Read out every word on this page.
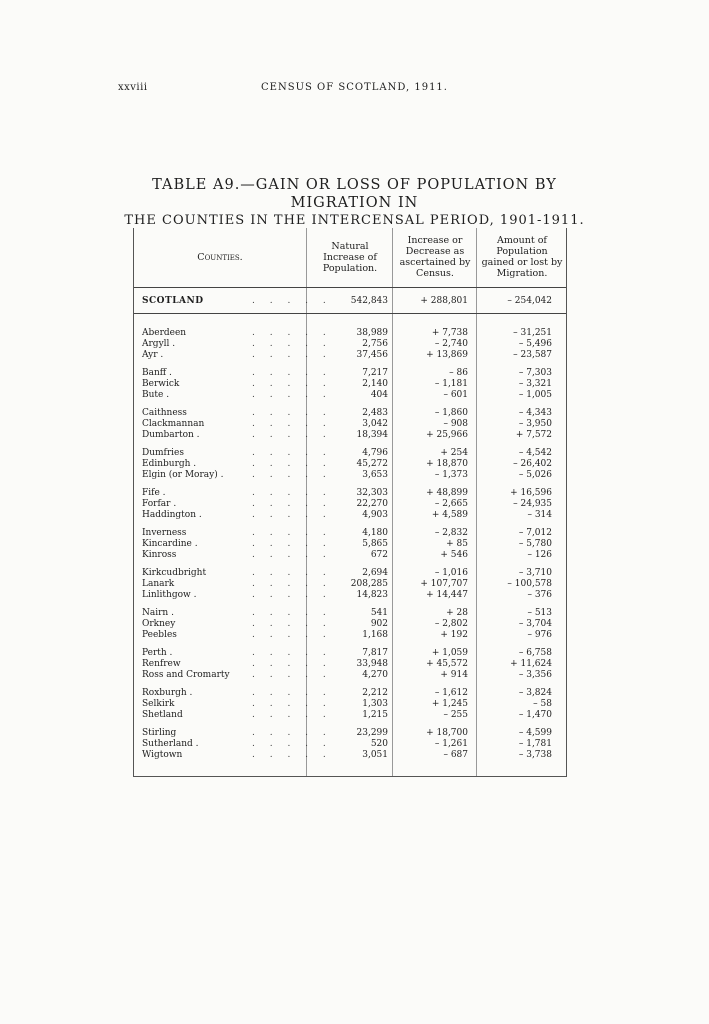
xxviii	CENSUS OF SCOTLAND, 1911.
TABLE A9.—GAIN OR LOSS OF POPULATION BY MIGRATION IN
THE COUNTIES IN THE INTERCENSAL PERIOD, 1901-1911.
Counties.
Natural Increase of Population.
Increase or Decrease as ascertained by Census.
Amount of Population gained or lost by Migration.
SCOTLAND	. . . . .	542,843	+ 288,801	– 254,042
Aberdeen	. . . . .	38,989	+ 7,738	– 31,251
Argyll .	. . . . .	2,756	– 2,740	– 5,496
Ayr .	. . . . .	37,456	+ 13,869	– 23,587
Banff .	. . . . .	7,217	– 86	– 7,303
Berwick	. . . . .	2,140	– 1,181	– 3,321
Bute .	. . . . .	404	– 601	– 1,005
Caithness	. . . . .	2,483	– 1,860	– 4,343
Clackmannan	. . . . .	3,042	– 908	– 3,950
Dumbarton .	. . . . .	18,394	+ 25,966	+ 7,572
Dumfries	. . . . .	4,796	+ 254	– 4,542
Edinburgh .	. . . . .	45,272	+ 18,870	– 26,402
Elgin (or Moray) .	. . . . .	3,653	– 1,373	– 5,026
Fife .	. . . . .	32,303	+ 48,899	+ 16,596
Forfar .	. . . . .	22,270	– 2,665	– 24,935
Haddington .	. . . . .	4,903	+ 4,589	– 314
Inverness	. . . . .	4,180	– 2,832	– 7,012
Kincardine .	. . . . .	5,865	+ 85	– 5,780
Kinross	. . . . .	672	+ 546	– 126
Kirkcudbright	. . . . .	2,694	– 1,016	– 3,710
Lanark	. . . . .	208,285	+ 107,707	– 100,578
Linlithgow .	. . . . .	14,823	+ 14,447	– 376
Nairn .	. . . . .	541	+ 28	– 513
Orkney	. . . . .	902	– 2,802	– 3,704
Peebles	. . . . .	1,168	+ 192	– 976
Perth .	. . . . .	7,817	+ 1,059	– 6,758
Renfrew	. . . . .	33,948	+ 45,572	+ 11,624
Ross and Cromarty	. . . . .	4,270	+ 914	– 3,356
Roxburgh .	. . . . .	2,212	– 1,612	– 3,824
Selkirk	. . . . .	1,303	+ 1,245	– 58
Shetland	. . . . .	1,215	– 255	– 1,470
Stirling	. . . . .	23,299	+ 18,700	– 4,599
Sutherland .	. . . . .	520	– 1,261	– 1,781
Wigtown	. . . . .	3,051	– 687	– 3,738
